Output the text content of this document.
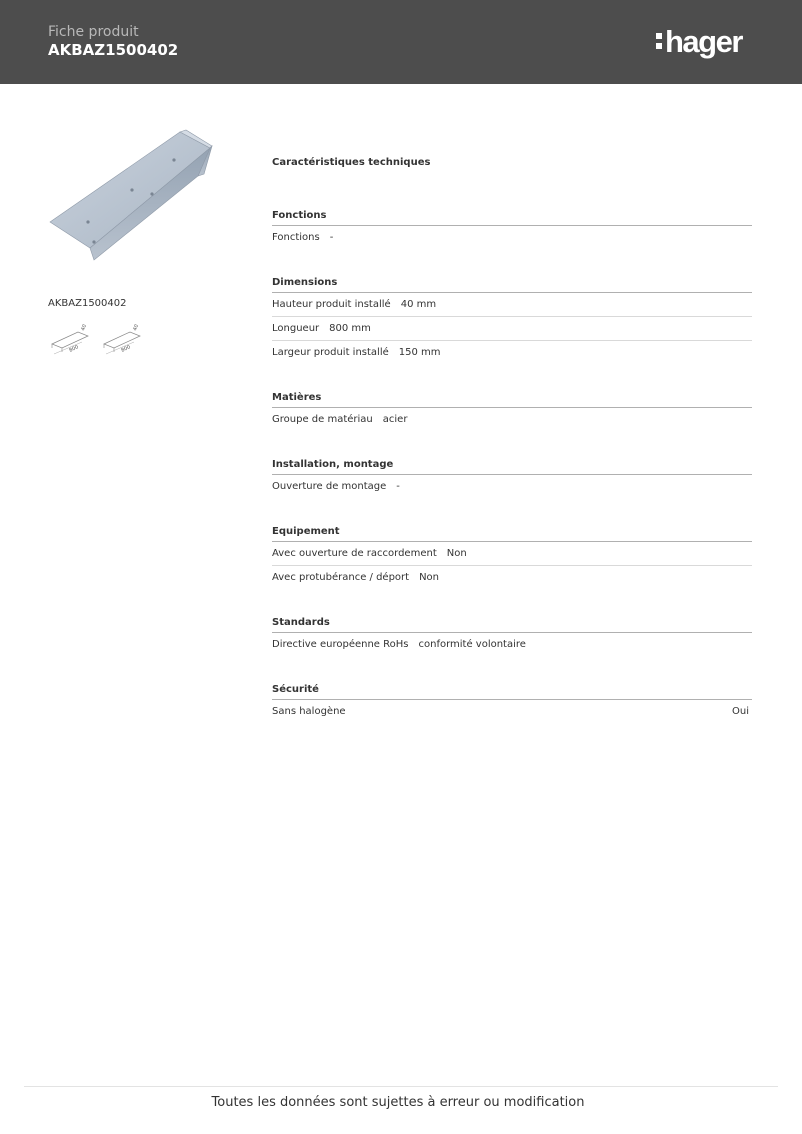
Fiche produit
AKBAZ1500402	hager
AKBAZ1500402
800
40
800
40
Caractéristiques techniques
Fonctions
Fonctions -
Dimensions
Hauteur produit installé 40 mm
Longueur 800 mm
Largeur produit installé 150 mm
Matières
Groupe de matériau acier
Installation, montage
Ouverture de montage -
Equipement
Avec ouverture de raccordement Non
Avec protubérance / déport Non
Standards
Directive européenne RoHs conformité volontaire
Sécurité
Sans halogène	Oui
Toutes les données sont sujettes à erreur ou modification
